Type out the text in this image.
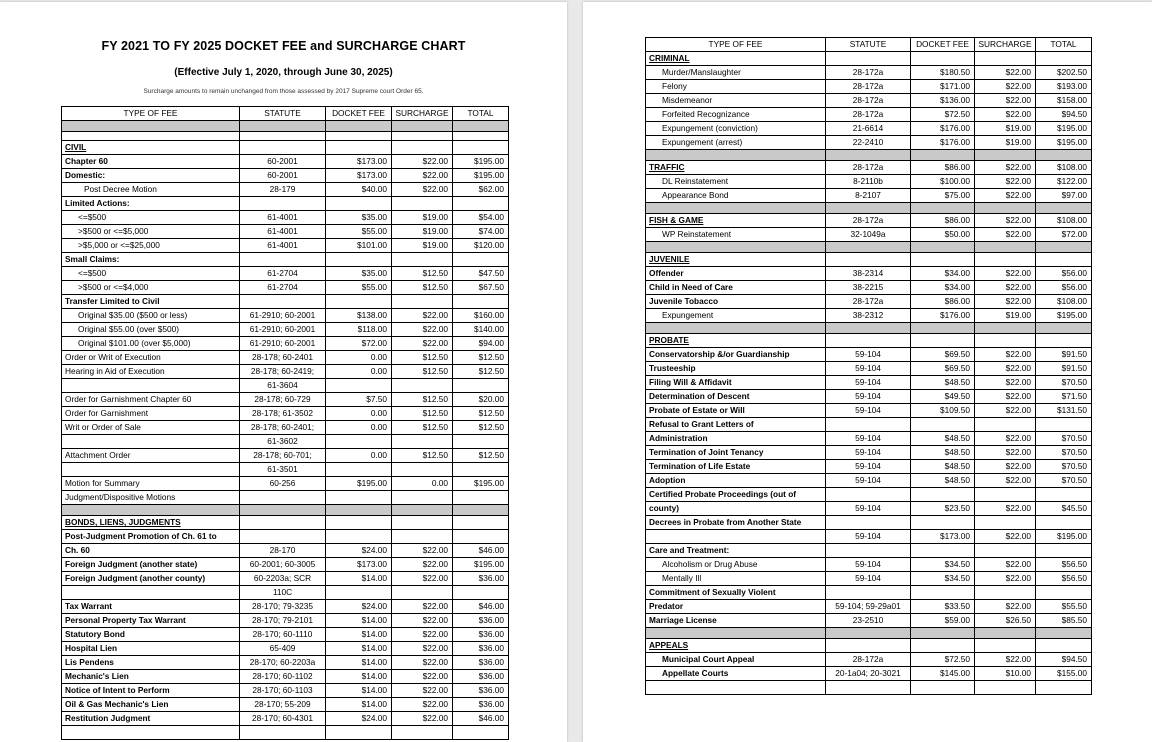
FY 2021 TO FY 2025 DOCKET FEE and SURCHARGE CHART
(Effective July 1, 2020, through June 30, 2025)
Surcharge amounts to remain unchanged from those assessed by 2017 Supreme court Order 65.
TYPE OF FEE	STATUTE	DOCKET FEE	SURCHARGE	TOTAL

CIVIL				
Chapter 60	60-2001	$173.00	$22.00	$195.00
Domestic:	60-2001	$173.00	$22.00	$195.00
Post Decree Motion	28-179	$40.00	$22.00	$62.00
Limited Actions:				
<=$500	61-4001	$35.00	$19.00	$54.00
>$500 or <=$5,000	61-4001	$55.00	$19.00	$74.00
>$5,000 or <=$25,000	61-4001	$101.00	$19.00	$120.00
Small Claims:				
<=$500	61-2704	$35.00	$12.50	$47.50
>$500 or <=$4,000	61-2704	$55.00	$12.50	$67.50
Transfer Limited to Civil				
Original $35.00 ($500 or less)	61-2910; 60-2001	$138.00	$22.00	$160.00
Original $55.00 (over $500)	61-2910; 60-2001	$118.00	$22.00	$140.00
Original $101.00 (over $5,000)	61-2910; 60-2001	$72.00	$22.00	$94.00
Order or Writ of Execution	28-178; 60-2401	0.00	$12.50	$12.50
Hearing in Aid of Execution	28-178; 60-2419;	0.00	$12.50	$12.50
	61-3604			
Order for Garnishment Chapter 60	28-178; 60-729	$7.50	$12.50	$20.00
Order for Garnishment	28-178; 61-3502	0.00	$12.50	$12.50
Writ or Order of Sale	28-178; 60-2401;	0.00	$12.50	$12.50
	61-3602			
Attachment Order	28-178; 60-701;	0.00	$12.50	$12.50
	61-3501			
Motion for Summary	60-256	$195.00	0.00	$195.00
Judgment/Dispositive Motions				

BONDS, LIENS, JUDGMENTS				
Post-Judgment Promotion of Ch. 61 to				
Ch. 60	28-170	$24.00	$22.00	$46.00
Foreign Judgment (another state)	60-2001; 60-3005	$173.00	$22.00	$195.00
Foreign Judgment (another county)	60-2203a; SCR	$14.00	$22.00	$36.00
	110C			
Tax Warrant	28-170; 79-3235	$24.00	$22.00	$46.00
Personal Property Tax Warrant	28-170; 79-2101	$14.00	$22.00	$36.00
Statutory Bond	28-170; 60-1110	$14.00	$22.00	$36.00
Hospital Lien	65-409	$14.00	$22.00	$36.00
Lis Pendens	28-170; 60-2203a	$14.00	$22.00	$36.00
Mechanic's Lien	28-170; 60-1102	$14.00	$22.00	$36.00
Notice of Intent to Perform	28-170; 60-1103	$14.00	$22.00	$36.00
Oil & Gas Mechanic's Lien	28-170; 55-209	$14.00	$22.00	$36.00
Restitution Judgment	28-170; 60-4301	$24.00	$22.00	$46.00

TYPE OF FEE	STATUTE	DOCKET FEE	SURCHARGE	TOTAL
CRIMINAL				
Murder/Manslaughter	28-172a	$180.50	$22.00	$202.50
Felony	28-172a	$171.00	$22.00	$193.00
Misdemeanor	28-172a	$136.00	$22.00	$158.00
Forfeited Recognizance	28-172a	$72.50	$22.00	$94.50
Expungement (conviction)	21-6614	$176.00	$19.00	$195.00
Expungement (arrest)	22-2410	$176.00	$19.00	$195.00

TRAFFIC	28-172a	$86.00	$22.00	$108.00
DL Reinstatement	8-2110b	$100.00	$22.00	$122.00
Appearance Bond	8-2107	$75.00	$22.00	$97.00

FISH & GAME	28-172a	$86.00	$22.00	$108.00
WP Reinstatement	32-1049a	$50.00	$22.00	$72.00

JUVENILE				
Offender	38-2314	$34.00	$22.00	$56.00
Child in Need of Care	38-2215	$34.00	$22.00	$56.00
Juvenile Tobacco	28-172a	$86.00	$22.00	$108.00
Expungement	38-2312	$176.00	$19.00	$195.00

PROBATE				
Conservatorship &/or Guardianship	59-104	$69.50	$22.00	$91.50
Trusteeship	59-104	$69.50	$22.00	$91.50
Filing Will & Affidavit	59-104	$48.50	$22.00	$70.50
Determination of Descent	59-104	$49.50	$22.00	$71.50
Probate of Estate or Will	59-104	$109.50	$22.00	$131.50
Refusal to Grant Letters of				
Administration	59-104	$48.50	$22.00	$70.50
Termination of Joint Tenancy	59-104	$48.50	$22.00	$70.50
Termination of Life Estate	59-104	$48.50	$22.00	$70.50
Adoption	59-104	$48.50	$22.00	$70.50
Certified Probate Proceedings (out of				
county)	59-104	$23.50	$22.00	$45.50
Decrees in Probate from Another State				
	59-104	$173.00	$22.00	$195.00
Care and Treatment:				
Alcoholism or Drug Abuse	59-104	$34.50	$22.00	$56.50
Mentally Ill	59-104	$34.50	$22.00	$56.50
Commitment of Sexually Violent				
Predator	59-104; 59-29a01	$33.50	$22.00	$55.50
Marriage License	23-2510	$59.00	$26.50	$85.50

APPEALS				
Municipal Court Appeal	28-172a	$72.50	$22.00	$94.50
Appellate Courts	20-1a04; 20-3021	$145.00	$10.00	$155.00
